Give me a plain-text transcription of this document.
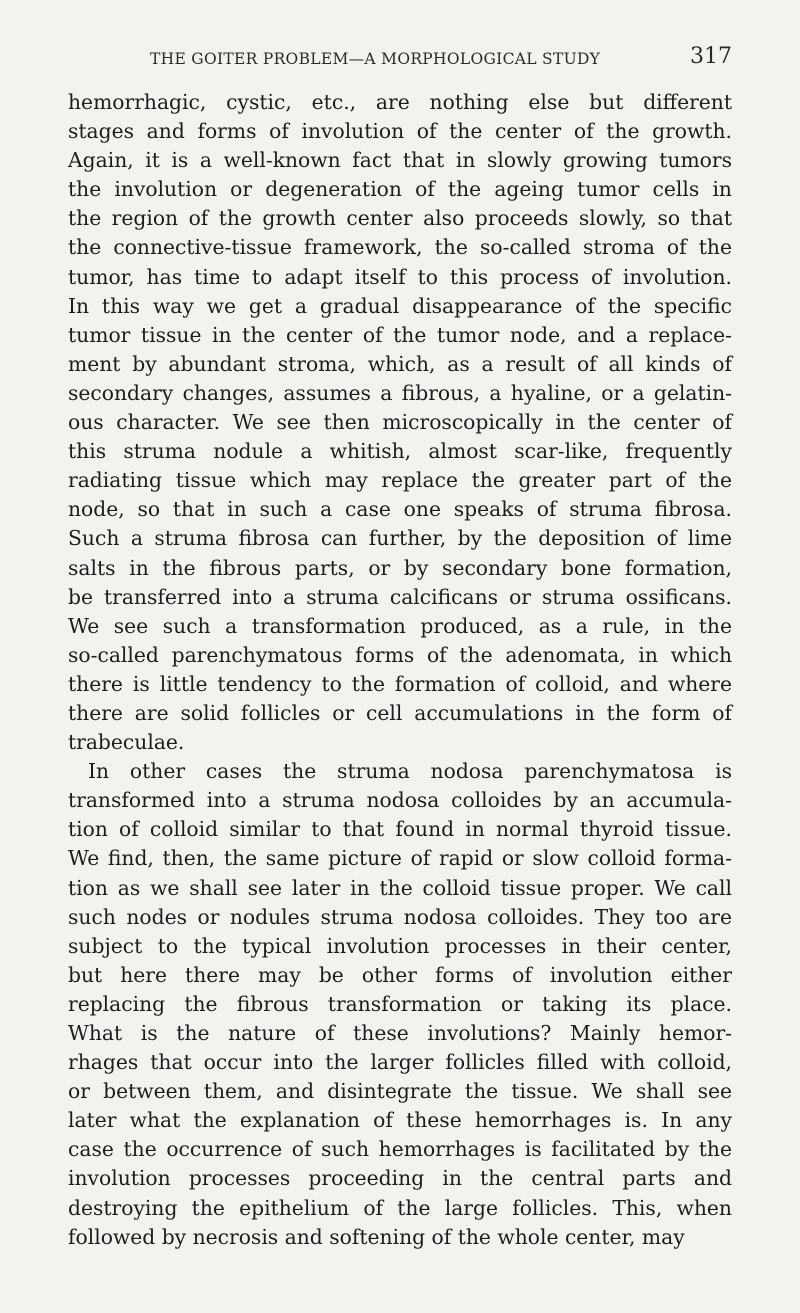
THE GOITER PROBLEM—A MORPHOLOGICAL STUDY	317
hemorrhagic, cystic, etc., are nothing else but different
stages and forms of involution of the center of the growth.
Again, it is a well-known fact that in slowly growing tumors
the involution or degeneration of the ageing tumor cells in
the region of the growth center also proceeds slowly, so that
the connective-tissue framework, the so-called stroma of the
tumor, has time to adapt itself to this process of involution.
In this way we get a gradual disappearance of the specific
tumor tissue in the center of the tumor node, and a replace-
ment by abundant stroma, which, as a result of all kinds of
secondary changes, assumes a fibrous, a hyaline, or a gelatin-
ous character. We see then microscopically in the center of
this struma nodule a whitish, almost scar-like, frequently
radiating tissue which may replace the greater part of the
node, so that in such a case one speaks of struma fibrosa.
Such a struma fibrosa can further, by the deposition of lime
salts in the fibrous parts, or by secondary bone formation,
be transferred into a struma calcificans or struma ossificans.
We see such a transformation produced, as a rule, in the
so-called parenchymatous forms of the adenomata, in which
there is little tendency to the formation of colloid, and where
there are solid follicles or cell accumulations in the form of
trabeculae.
In other cases the struma nodosa parenchymatosa is
transformed into a struma nodosa colloides by an accumula-
tion of colloid similar to that found in normal thyroid tissue.
We find, then, the same picture of rapid or slow colloid forma-
tion as we shall see later in the colloid tissue proper. We call
such nodes or nodules struma nodosa colloides. They too are
subject to the typical involution processes in their center,
but here there may be other forms of involution either
replacing the fibrous transformation or taking its place.
What is the nature of these involutions? Mainly hemor-
rhages that occur into the larger follicles filled with colloid,
or between them, and disintegrate the tissue. We shall see
later what the explanation of these hemorrhages is. In any
case the occurrence of such hemorrhages is facilitated by the
involution processes proceeding in the central parts and
destroying the epithelium of the large follicles. This, when
followed by necrosis and softening of the whole center, may
